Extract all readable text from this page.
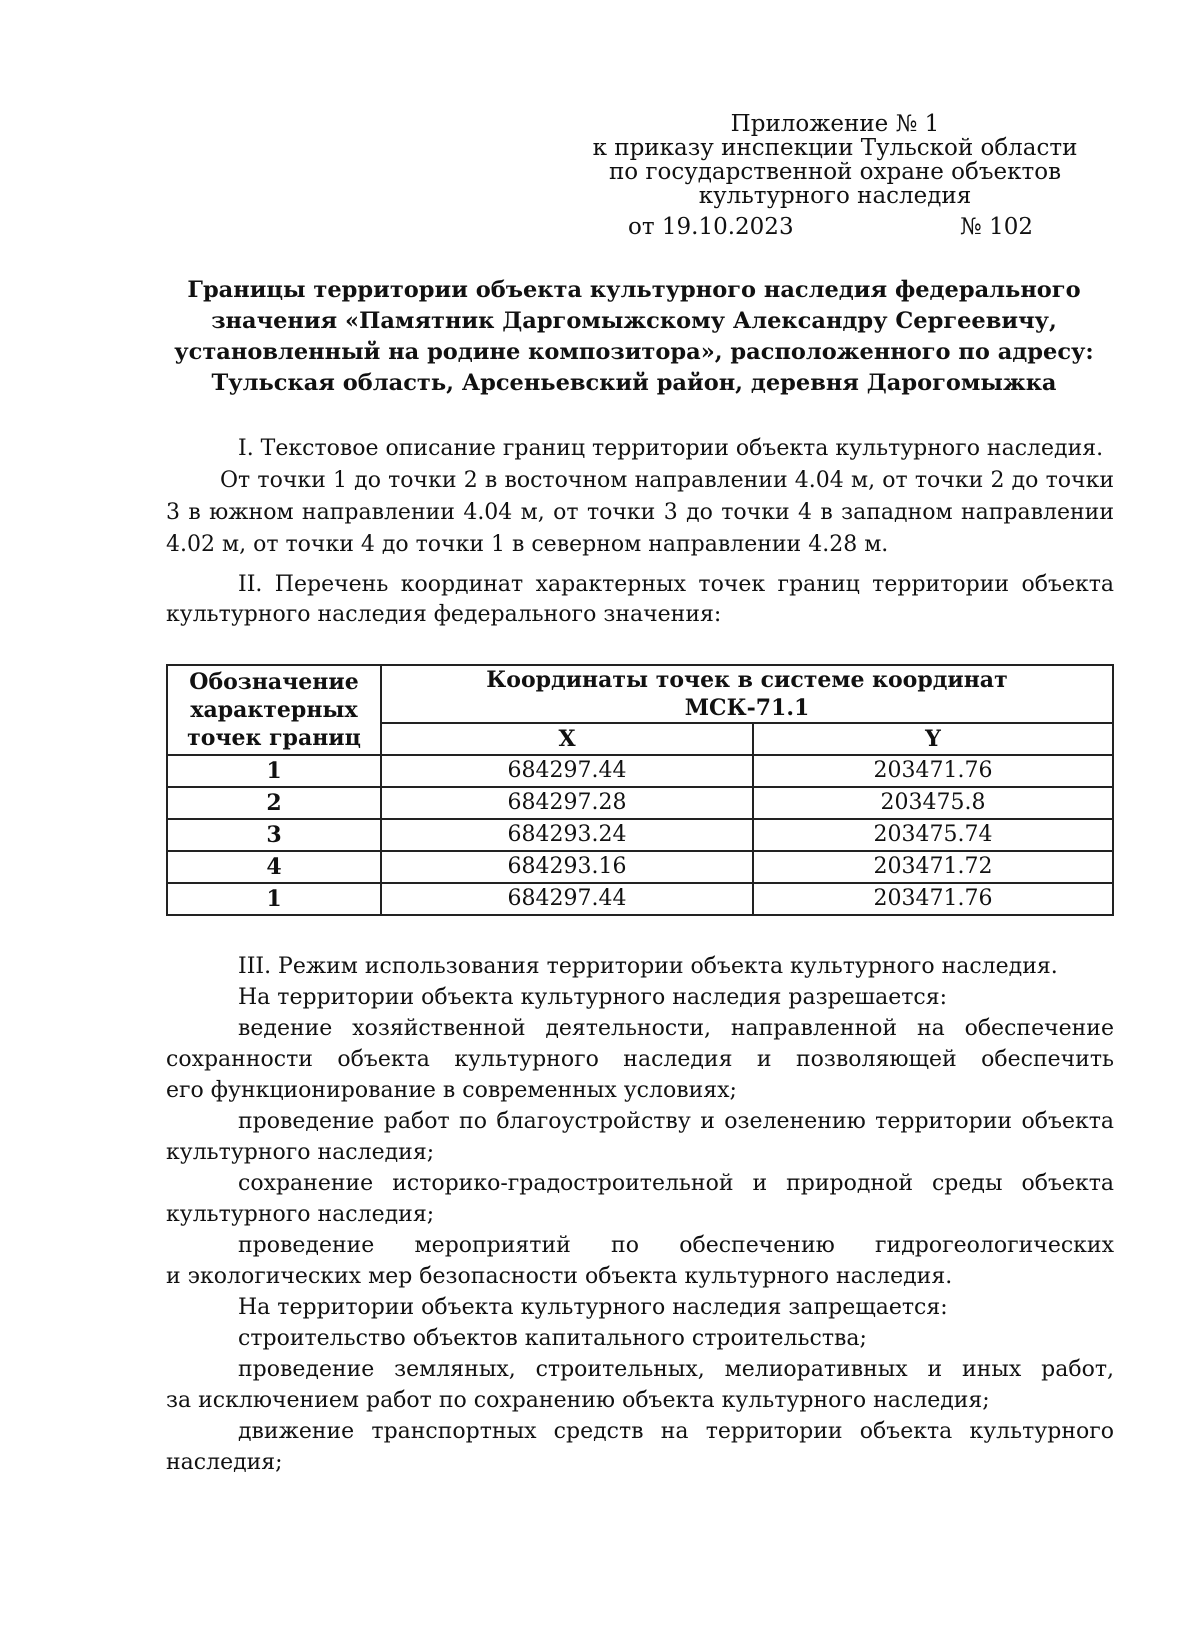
Приложение № 1
к приказу инспекции Тульской области
по государственной охране объектов
культурного наследия
от 19.10.2023	№ 102
Границы территории объекта культурного наследия федерального
значения «Памятник Даргомыжскому Александру Сергеевичу,
установленный на родине композитора», расположенного по адресу:
Тульская область, Арсеньевский район, деревня Дарогомыжка
I. Текстовое описание границ территории объекта культурного наследия.
От точки 1 до точки 2 в восточном направлении 4.04 м, от точки 2 до точки
3 в южном направлении 4.04 м, от точки 3 до точки 4 в западном направлении
4.02 м, от точки 4 до точки 1 в северном направлении 4.28 м.
II. Перечень координат характерных точек границ территории объекта
культурного наследия федерального значения:
Обозначение
характерных
точек границ	Координаты точек в системе координат
МСК-71.1	

	X	Y
1	684297.44	203471.76
2	684297.28	203475.8
3	684293.24	203475.74
4	684293.16	203471.72
1	684297.44	203471.76
III. Режим использования территории объекта культурного наследия.
На территории объекта культурного наследия разрешается:
ведение хозяйственной деятельности, направленной на обеспечение
сохранности объекта культурного наследия и позволяющей обеспечить
его функционирование в современных условиях;
проведение работ по благоустройству и озеленению территории объекта
культурного наследия;
сохранение историко-градостроительной и природной среды объекта
культурного наследия;
проведение мероприятий по обеспечению гидрогеологических
и экологических мер безопасности объекта культурного наследия.
На территории объекта культурного наследия запрещается:
строительство объектов капитального строительства;
проведение земляных, строительных, мелиоративных и иных работ,
за исключением работ по сохранению объекта культурного наследия;
движение транспортных средств на территории объекта культурного
наследия;
